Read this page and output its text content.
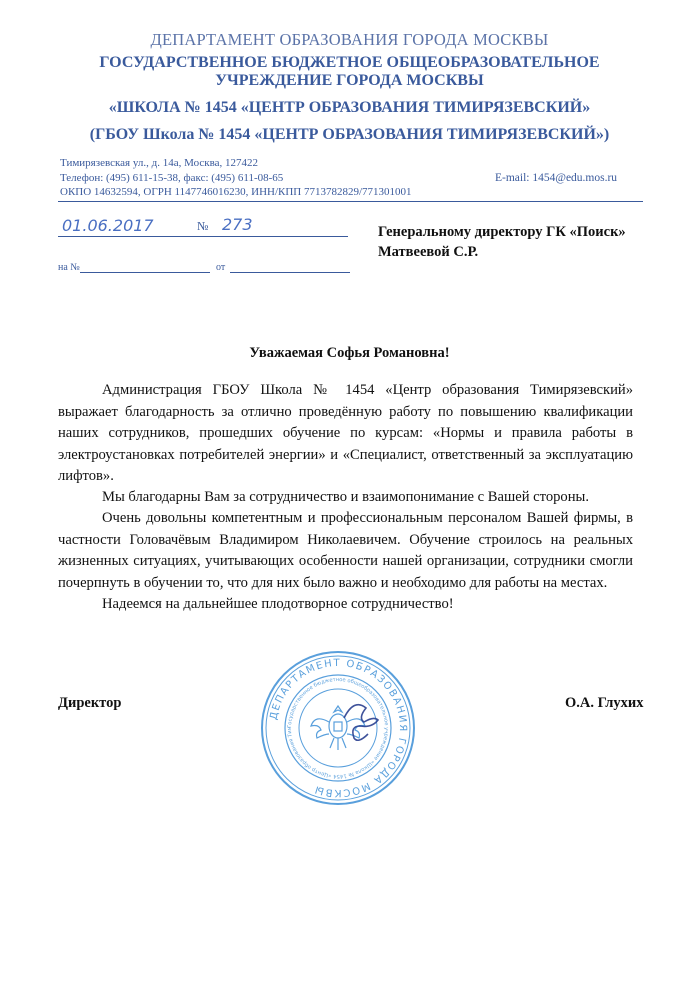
ДЕПАРТАМЕНТ ОБРАЗОВАНИЯ ГОРОДА МОСКВЫ
ГОСУДАРСТВЕННОЕ БЮДЖЕТНОЕ ОБЩЕОБРАЗОВАТЕЛЬНОЕ
УЧРЕЖДЕНИЕ ГОРОДА МОСКВЫ
«ШКОЛА № 1454 «ЦЕНТР ОБРАЗОВАНИЯ ТИМИРЯЗЕВСКИЙ»
(ГБОУ Школа № 1454 «ЦЕНТР ОБРАЗОВАНИЯ ТИМИРЯЗЕВСКИЙ»)
Тимирязевская ул., д. 14а, Москва, 127422
Телефон: (495) 611-15-38, факс: (495) 611-08-65
ОКПО 14632594, ОГРН 1147746016230, ИНН/КПП 7713782829/771301001
E-mail: 1454@edu.mos.ru
01.06.2017	№ 273
на №	от
Генеральному директору ГК «Поиск»
Матвеевой С.Р.
Уважаемая Софья Романовна!
Администрация ГБОУ Школа № 1454 «Центр образования Тимирязевский» выражает благодарность за отлично проведённую работу по повышению квалификации наших сотрудников, прошедших обучение по курсам: «Нормы и правила работы в электроустановках потребителей энергии» и «Специалист, ответственный за эксплуатацию лифтов».
Мы благодарны Вам за сотрудничество и взаимопонимание с Вашей стороны.
Очень довольны компетентным и профессиональным персоналом Вашей фирмы, в частности Головачёвым Владимиром Николаевичем. Обучение строилось на реальных жизненных ситуациях, учитывающих особенности нашей организации, сотрудники смогли почерпнуть в обучении то, что для них было важно и необходимо для работы на местах.
Надеемся на дальнейшее плодотворное сотрудничество!
Директор	О.А. Глухих
ДЕПАРТАМЕНТ ОБРАЗОВАНИЯ ГОРОДА МОСКВЫ
Государственное бюджетное общеобразовательное учреждение «Школа № 1454 «Центр образования Тим
